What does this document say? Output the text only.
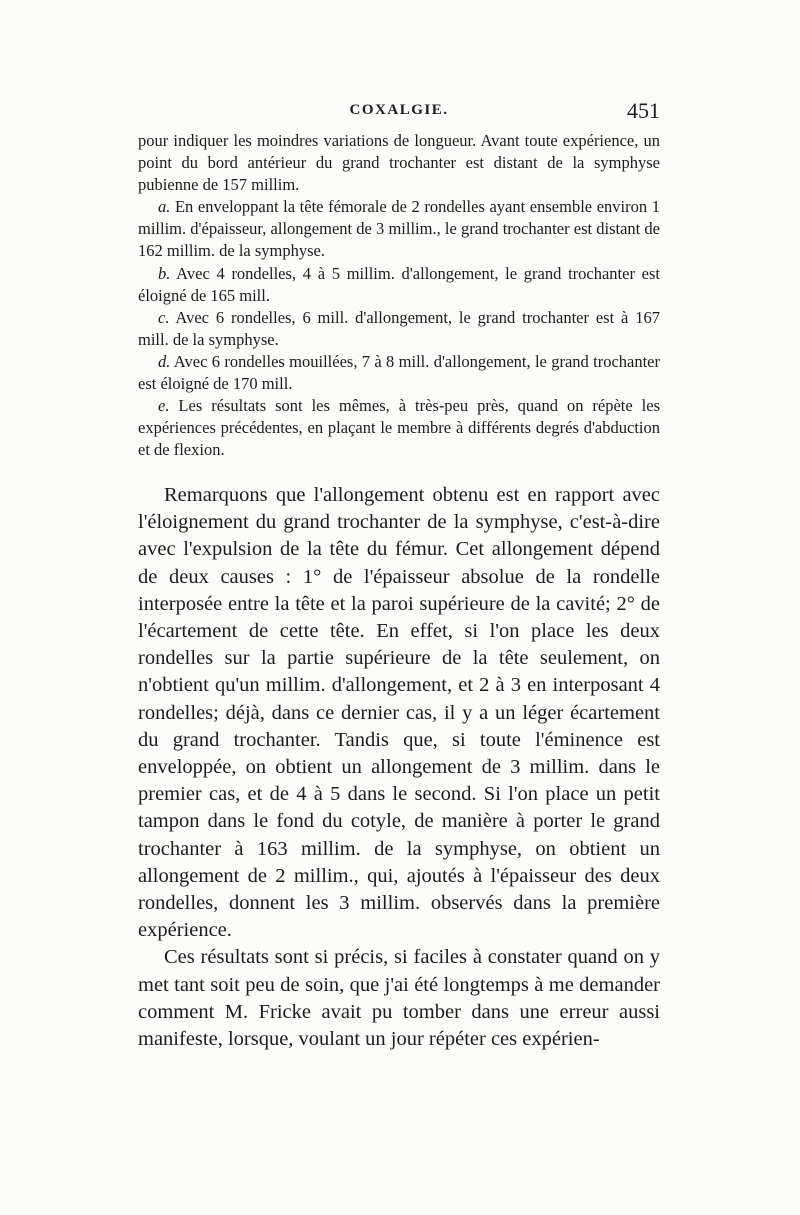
COXALGIE.	451

pour indiquer les moindres variations de longueur. Avant toute expérience, un point du bord antérieur du grand trochanter est distant de la symphyse pubienne de 157 millim.

a. En enveloppant la tête fémorale de 2 rondelles ayant ensemble environ 1 millim. d'épaisseur, allongement de 3 millim., le grand trochanter est distant de 162 millim. de la symphyse.

b. Avec 4 rondelles, 4 à 5 millim. d'allongement, le grand trochanter est éloigné de 165 mill.

c. Avec 6 rondelles, 6 mill. d'allongement, le grand trochanter est à 167 mill. de la symphyse.

d. Avec 6 rondelles mouillées, 7 à 8 mill. d'allongement, le grand trochanter est éloigné de 170 mill.

e. Les résultats sont les mêmes, à très-peu près, quand on répète les expériences précédentes, en plaçant le membre à différents degrés d'abduction et de flexion.

Remarquons que l'allongement obtenu est en rapport avec l'éloignement du grand trochanter de la symphyse, c'est-à-dire avec l'expulsion de la tête du fémur. Cet allongement dépend de deux causes : 1° de l'épaisseur absolue de la rondelle interposée entre la tête et la paroi supérieure de la cavité; 2° de l'écartement de cette tête. En effet, si l'on place les deux rondelles sur la partie supérieure de la tête seulement, on n'obtient qu'un millim. d'allongement, et 2 à 3 en interposant 4 rondelles; déjà, dans ce dernier cas, il y a un léger écartement du grand trochanter. Tandis que, si toute l'éminence est enveloppée, on obtient un allongement de 3 millim. dans le premier cas, et de 4 à 5 dans le second. Si l'on place un petit tampon dans le fond du cotyle, de manière à porter le grand trochanter à 163 millim. de la symphyse, on obtient un allongement de 2 millim., qui, ajoutés à l'épaisseur des deux rondelles, donnent les 3 millim. observés dans la première expérience.

Ces résultats sont si précis, si faciles à constater quand on y met tant soit peu de soin, que j'ai été longtemps à me demander comment M. Fricke avait pu tomber dans une erreur aussi manifeste, lorsque, voulant un jour répéter ces expérien-
